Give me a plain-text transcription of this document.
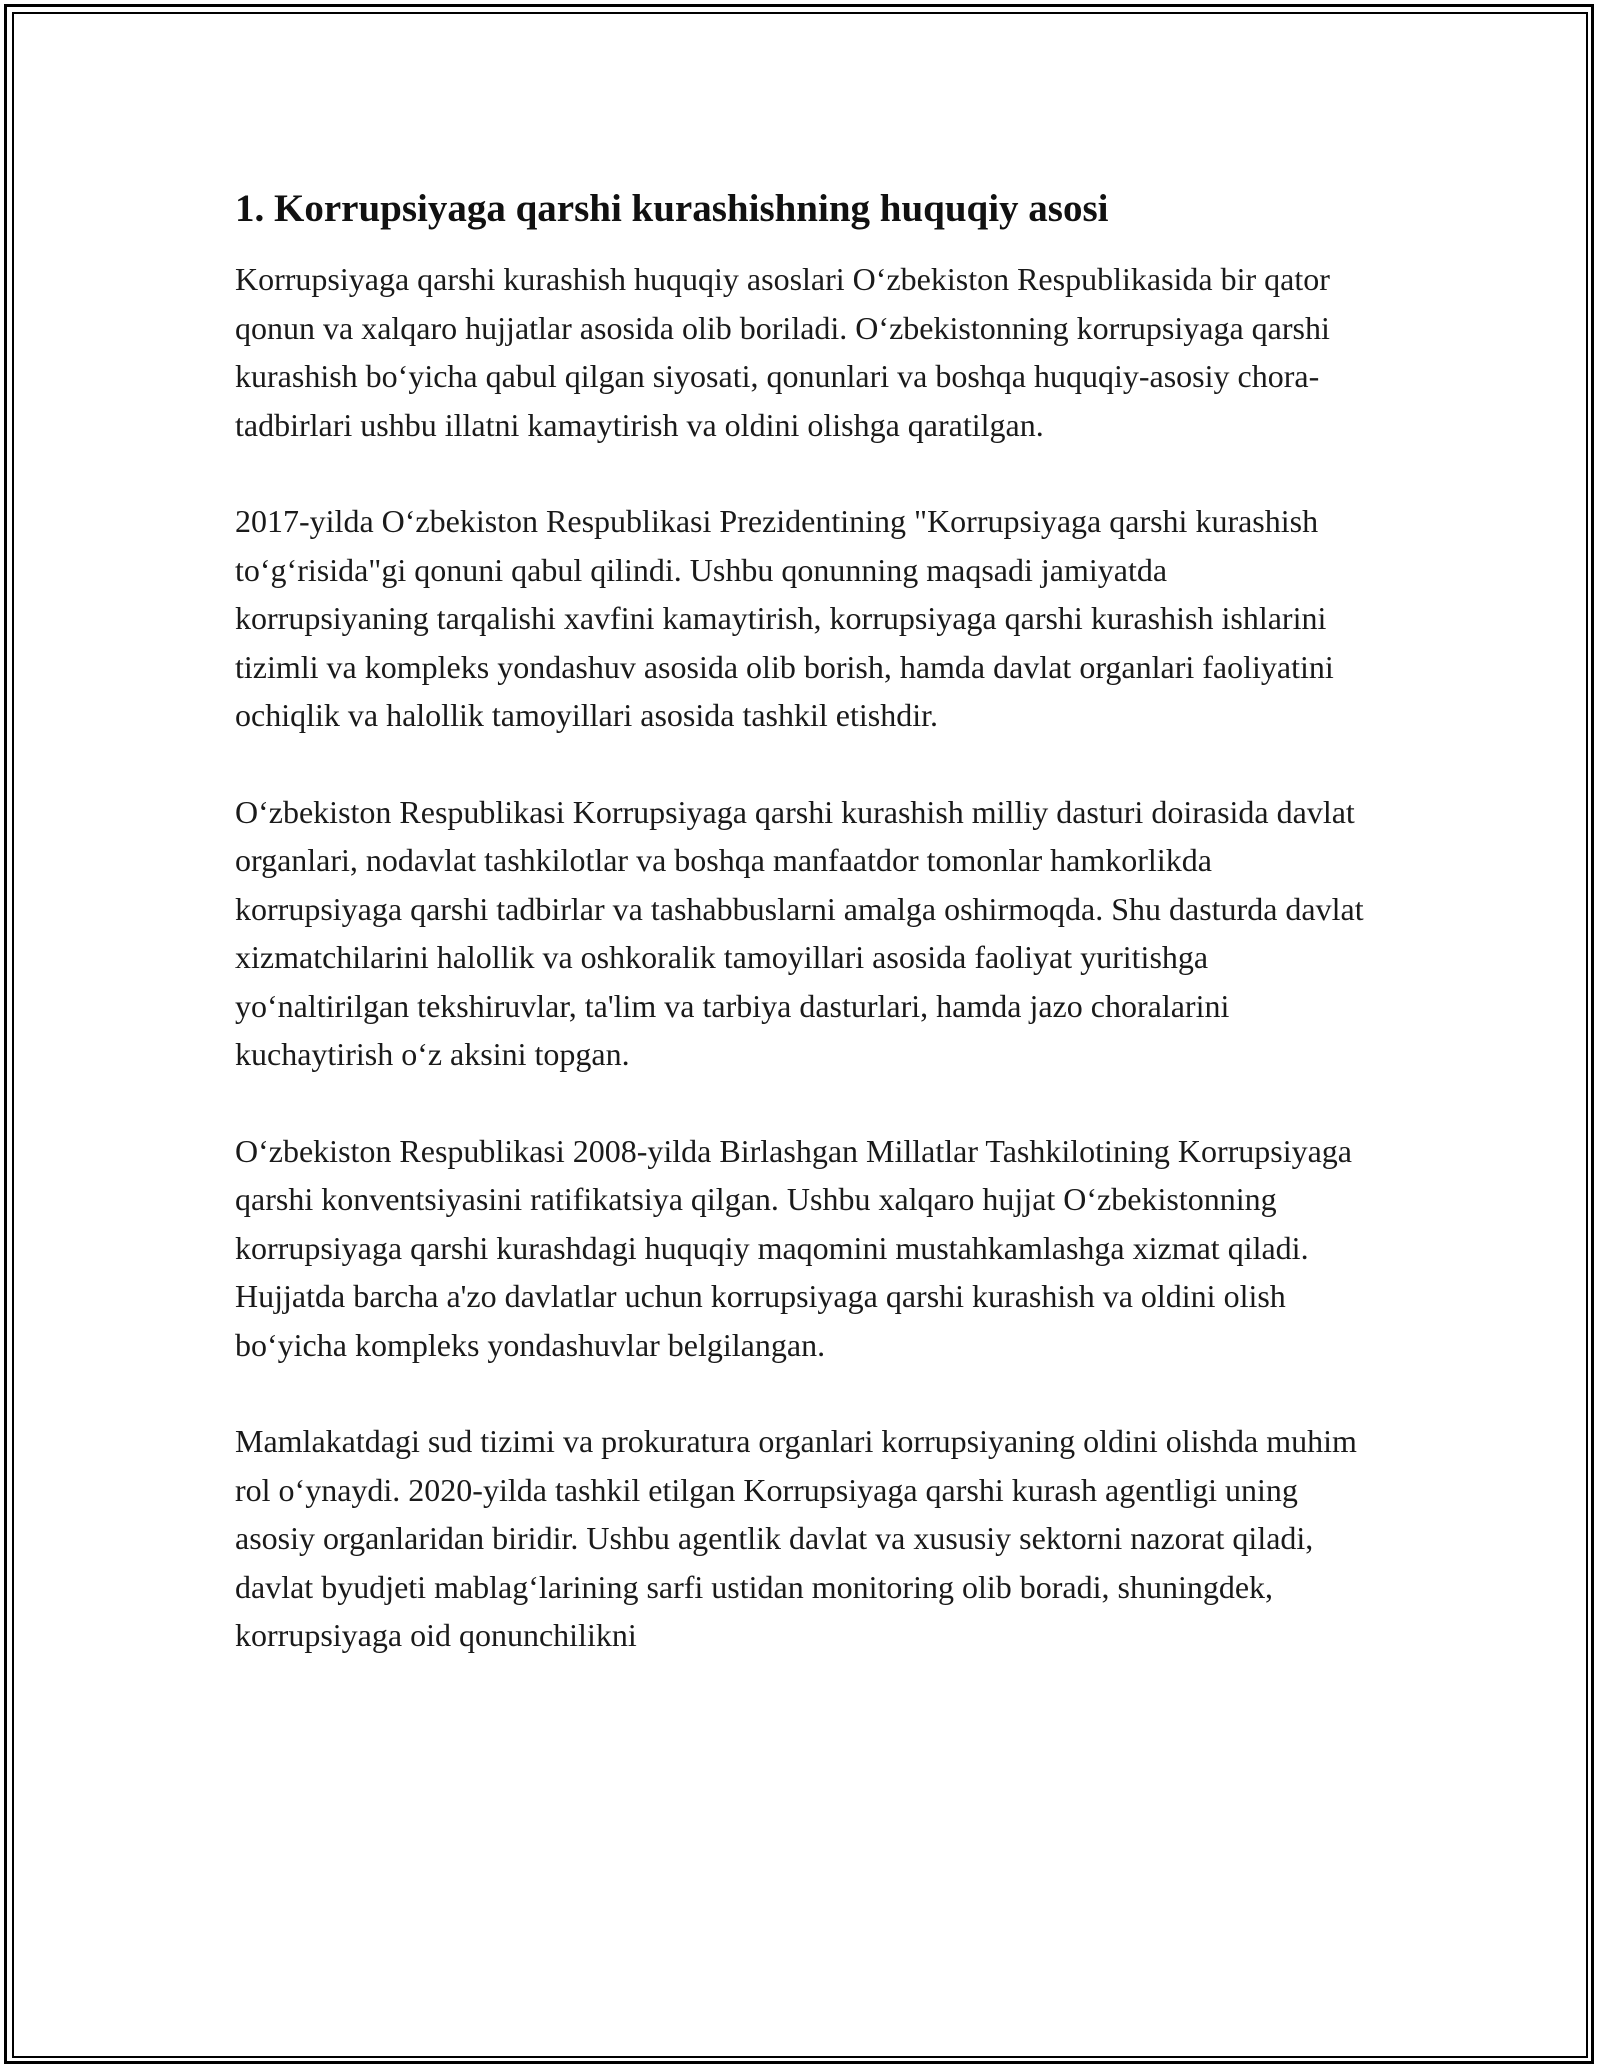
1. Korrupsiyaga qarshi kurashishning huquqiy asosi

Korrupsiyaga qarshi kurashish huquqiy asoslari O‘zbekiston Respublikasida bir qator qonun va xalqaro hujjatlar asosida olib boriladi. O‘zbekistonning korrupsiyaga qarshi kurashish bo‘yicha qabul qilgan siyosati, qonunlari va boshqa huquqiy-asosiy chora-tadbirlari ushbu illatni kamaytirish va oldini olishga qaratilgan.

2017-yilda O‘zbekiston Respublikasi Prezidentining "Korrupsiyaga qarshi kurashish to‘g‘risida"gi qonuni qabul qilindi. Ushbu qonunning maqsadi jamiyatda korrupsiyaning tarqalishi xavfini kamaytirish, korrupsiyaga qarshi kurashish ishlarini tizimli va kompleks yondashuv asosida olib borish, hamda davlat organlari faoliyatini ochiqlik va halollik tamoyillari asosida tashkil etishdir.

O‘zbekiston Respublikasi Korrupsiyaga qarshi kurashish milliy dasturi doirasida davlat organlari, nodavlat tashkilotlar va boshqa manfaatdor tomonlar hamkorlikda korrupsiyaga qarshi tadbirlar va tashabbuslarni amalga oshirmoqda. Shu dasturda davlat xizmatchilarini halollik va oshkoralik tamoyillari asosida faoliyat yuritishga yo‘naltirilgan tekshiruvlar, ta'lim va tarbiya dasturlari, hamda jazo choralarini kuchaytirish o‘z aksini topgan.

O‘zbekiston Respublikasi 2008-yilda Birlashgan Millatlar Tashkilotining Korrupsiyaga qarshi konventsiyasini ratifikatsiya qilgan. Ushbu xalqaro hujjat O‘zbekistonning korrupsiyaga qarshi kurashdagi huquqiy maqomini mustahkamlashga xizmat qiladi. Hujjatda barcha a'zo davlatlar uchun korrupsiyaga qarshi kurashish va oldini olish bo‘yicha kompleks yondashuvlar belgilangan.

Mamlakatdagi sud tizimi va prokuratura organlari korrupsiyaning oldini olishda muhim rol o‘ynaydi. 2020-yilda tashkil etilgan Korrupsiyaga qarshi kurash agentligi uning asosiy organlaridan biridir. Ushbu agentlik davlat va xususiy sektorni nazorat qiladi, davlat byudjeti mablag‘larining sarfi ustidan monitoring olib boradi, shuningdek, korrupsiyaga oid qonunchilikni
